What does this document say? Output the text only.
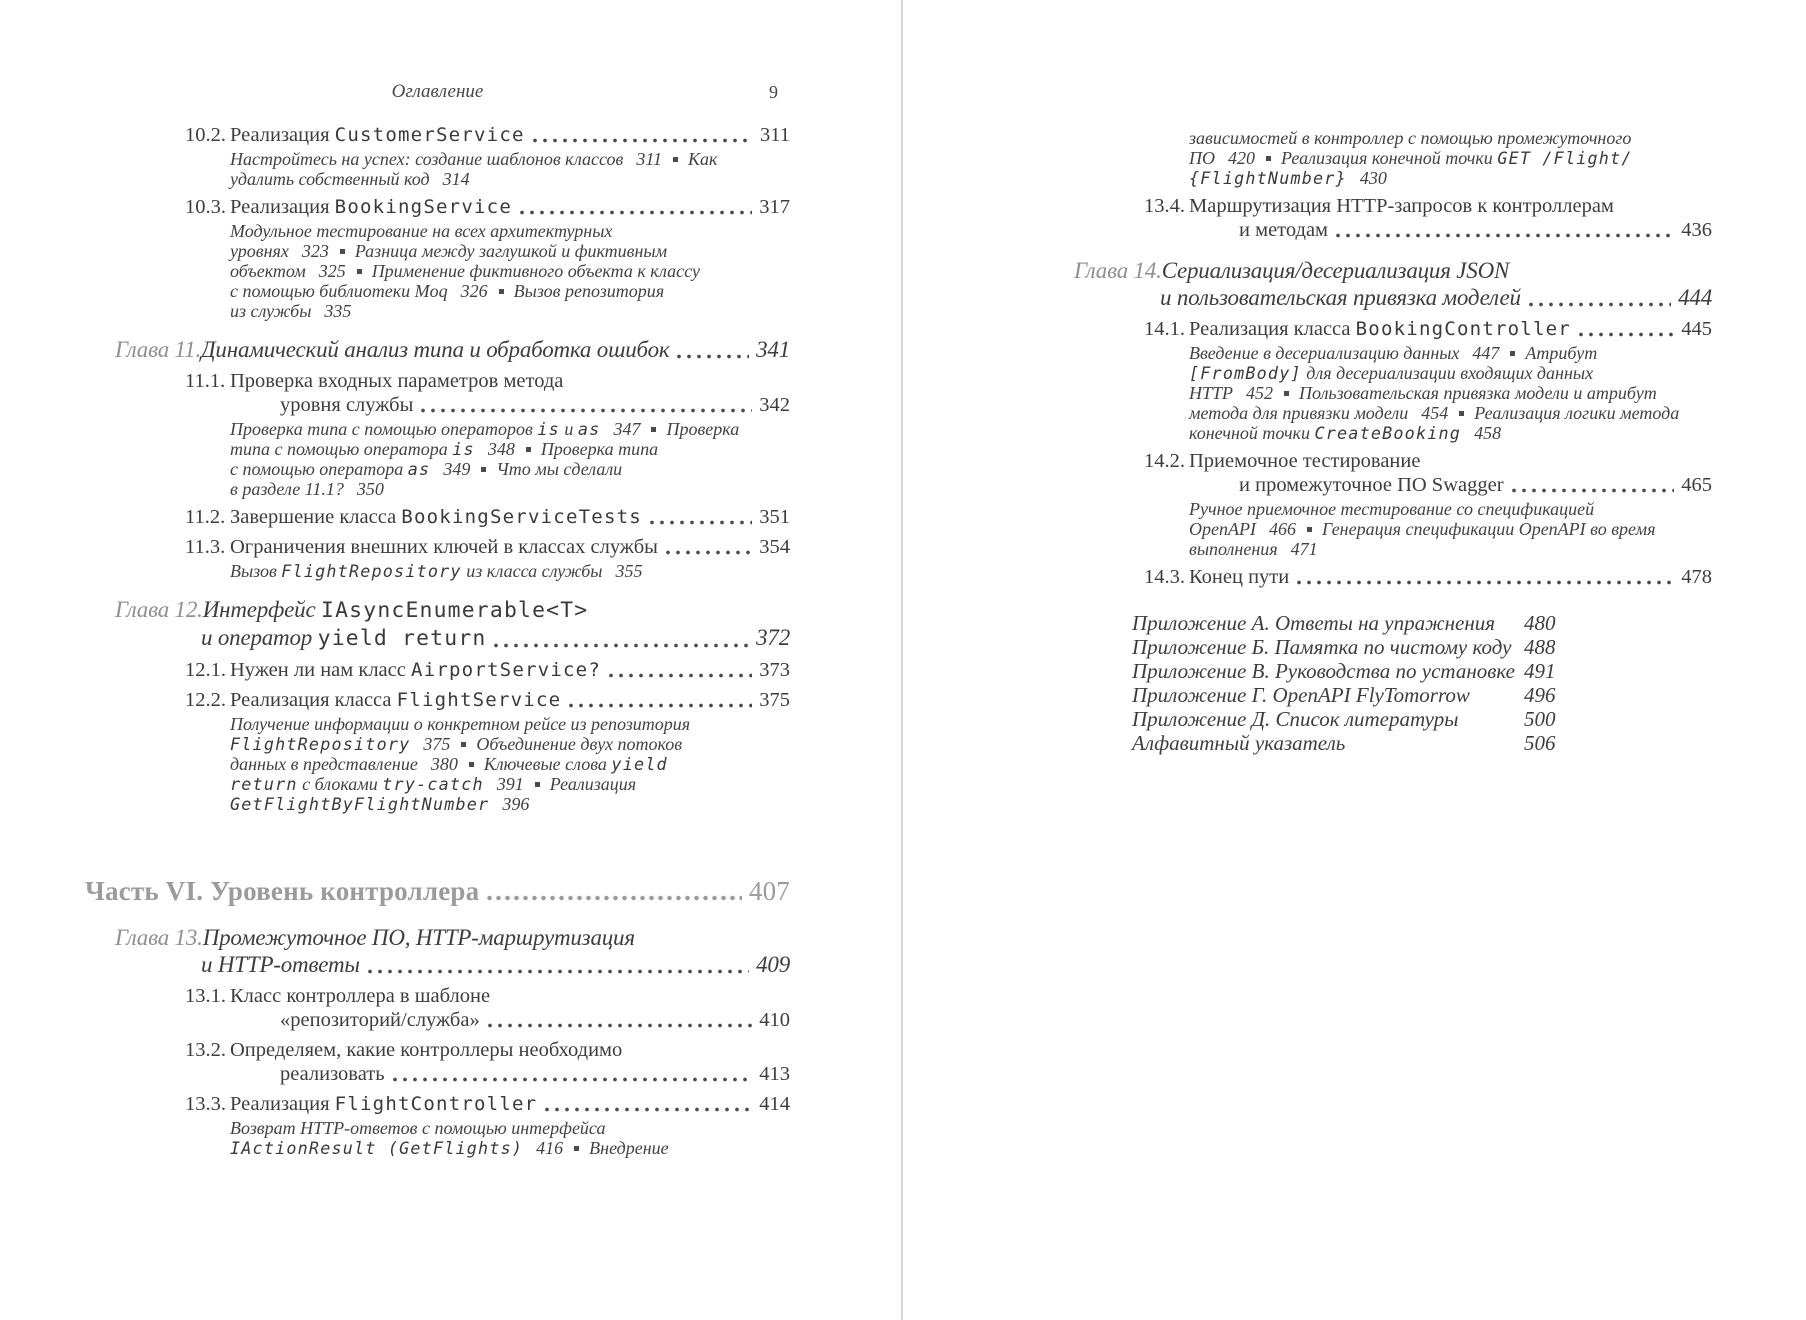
Оглавление	9
10.2. Реализация CustomerService	311
Настройтесь на успех: создание шаблонов классов 311 Как
удалить собственный код 314
10.3. Реализация BookingService	317
Модульное тестирование на всех архитектурных
уровнях 323 Разница между заглушкой и фиктивным
объектом 325 Применение фиктивного объекта к классу
с помощью библиотеки Moq 326 Вызов репозитория
из службы 335
Глава 11. Динамический анализ типа и обработка ошибок	341
11.1. Проверка входных параметров метода
уровня службы	342
Проверка типа с помощью операторов is и as 347 Проверка
типа с помощью оператора is 348 Проверка типа
с помощью оператора as 349 Что мы сделали
в разделе 11.1? 350
11.2. Завершение класса BookingServiceTests	351
11.3. Ограничения внешних ключей в классах службы	354
Вызов FlightRepository из класса службы 355
Глава 12. Интерфейс IAsyncEnumerable<T>
и оператор yield return	372
12.1. Нужен ли нам класс AirportService?	373
12.2. Реализация класса FlightService	375
Получение информации о конкретном рейсе из репозитория
FlightRepository 375 Объединение двух потоков
данных в представление 380 Ключевые слова yield
return с блоками try-catch 391 Реализация
GetFlightByFlightNumber 396
Часть VI. Уровень контроллера	407
Глава 13. Промежуточное ПО, HTTP-маршрутизация
и HTTP-ответы	409
13.1. Класс контроллера в шаблоне
«репозиторий/служба»	410
13.2. Определяем, какие контроллеры необходимо
реализовать	413
13.3. Реализация FlightController	414
Возврат HTTP-ответов с помощью интерфейса
IActionResult (GetFlights) 416 Внедрение
зависимостей в контроллер с помощью промежуточного
ПО 420 Реализация конечной точки GET /Flight/
{FlightNumber} 430
13.4. Маршрутизация HTTP-запросов к контроллерам
и методам	436
Глава 14. Сериализация/десериализация JSON
и пользовательская привязка моделей	444
14.1. Реализация класса BookingController	445
Введение в десериализацию данных 447 Атрибут
[FromBody] для десериализации входящих данных
HTTP 452 Пользовательская привязка модели и атрибут
метода для привязки модели 454 Реализация логики метода
конечной точки CreateBooking 458
14.2. Приемочное тестирование
и промежуточное ПО Swagger	465
Ручное приемочное тестирование со спецификацией
OpenAPI 466 Генерация спецификации OpenAPI во время
выполнения 471
14.3. Конец пути	478
Приложение А. Ответы на упражнения	480
Приложение Б. Памятка по чистому коду 488
Приложение В. Руководства по установке 491
Приложение Г. OpenAPI FlyTomorrow	496
Приложение Д. Список литературы	500
Алфавитный указатель	506
